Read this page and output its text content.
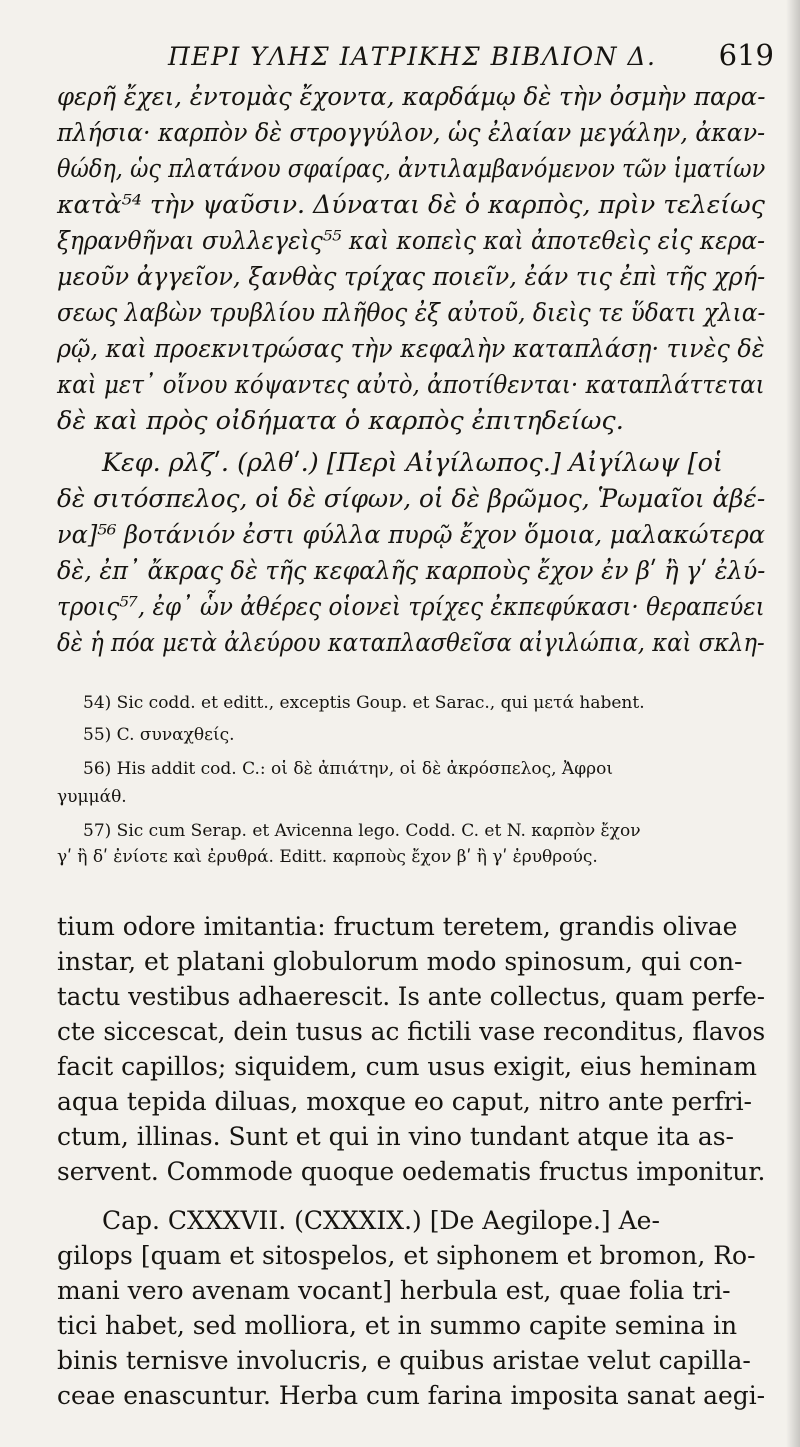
ΠΕΡΙ ΥΛΗΣ ΙΑΤΡΙΚΗΣ ΒΙΒΛΙΟΝ Δ. 619
φερῆ ἔχει, ἐντομὰς ἔχοντα, καρδάμῳ δὲ τὴν ὀσμὴν παρα-
πλήσια· καρπὸν δὲ στρογγύλον, ὡς ἐλαίαν μεγάλην, ἀκαν-
θώδη, ὡς πλατάνου σφαίρας, ἀντιλαμβανόμενον τῶν ἱματίων
κατὰ⁵⁴ τὴν ψαῦσιν. Δύναται δὲ ὁ καρπὸς, πρὶν τελείως
ξηρανθῆναι συλλεγεὶς⁵⁵ καὶ κοπεὶς καὶ ἀποτεθεὶς εἰς κερα-
μεοῦν ἀγγεῖον, ξανθὰς τρίχας ποιεῖν, ἐάν τις ἐπὶ τῆς χρή-
σεως λαβὼν τρυβλίου πλῆθος ἐξ αὐτοῦ, διεὶς τε ὕδατι χλια-
ρῷ, καὶ προεκνιτρώσας τὴν κεφαλὴν καταπλάσῃ· τινὲς δὲ
καὶ μετ᾽ οἴνου κόψαντες αὐτὸ, ἀποτίθενται· καταπλάττεται
δὲ καὶ πρὸς οἰδήματα ὁ καρπὸς ἐπιτηδείως.
Κεφ. ρλζʹ. (ρλθʹ.) [Περὶ Αἰγίλωπος.] Αἰγίλωψ [οἱ
δὲ σιτόσπελος, οἱ δὲ σίφων, οἱ δὲ βρῶμος, Ῥωμαῖοι ἀβέ-
να]⁵⁶ βοτάνιόν ἐστι φύλλα πυρῷ ἔχον ὅμοια, μαλακώτερα
δὲ, ἐπ᾽ ἄκρας δὲ τῆς κεφαλῆς καρποὺς ἔχον ἐν βʹ ἢ γʹ ἐλύ-
τροις⁵⁷, ἐφ᾽ ὧν ἀθέρες οἱονεὶ τρίχες ἐκπεφύκασι· θεραπεύει
δὲ ἡ πόα μετὰ ἀλεύρου καταπλασθεῖσα αἰγιλώπια, καὶ σκλη-
54) Sic codd. et editt., exceptis Goup. et Sarac., qui μετά habent.
55) C. συναχθείς.
56) His addit cod. C.: οἱ δὲ ἀπιάτην, οἱ δὲ ἀκρόσπελος, Ἀφροι
γυμμάθ.
57) Sic cum Serap. et Avicenna lego. Codd. C. et N. καρπὸν ἔχον
γʹ ἢ δʹ ἐνίοτε καὶ ἐρυθρά. Editt. καρποὺς ἔχον βʹ ἢ γʹ ἐρυθρούς.
tium odore imitantia: fructum teretem, grandis olivae
instar, et platani globulorum modo spinosum, qui con-
tactu vestibus adhaerescit. Is ante collectus, quam perfe-
cte siccescat, dein tusus ac fictili vase reconditus, flavos
facit capillos; siquidem, cum usus exigit, eius heminam
aqua tepida diluas, moxque eo caput, nitro ante perfri-
ctum, illinas. Sunt et qui in vino tundant atque ita as-
servent. Commode quoque oedematis fructus imponitur.
Cap. CXXXVII. (CXXXIX.) [De Aegilope.] Ae-
gilops [quam et sitospelos, et siphonem et bromon, Ro-
mani vero avenam vocant] herbula est, quae folia tri-
tici habet, sed molliora, et in summo capite semina in
binis ternisve involucris, e quibus aristae velut capilla-
ceae enascuntur. Herba cum farina imposita sanat aegi-
